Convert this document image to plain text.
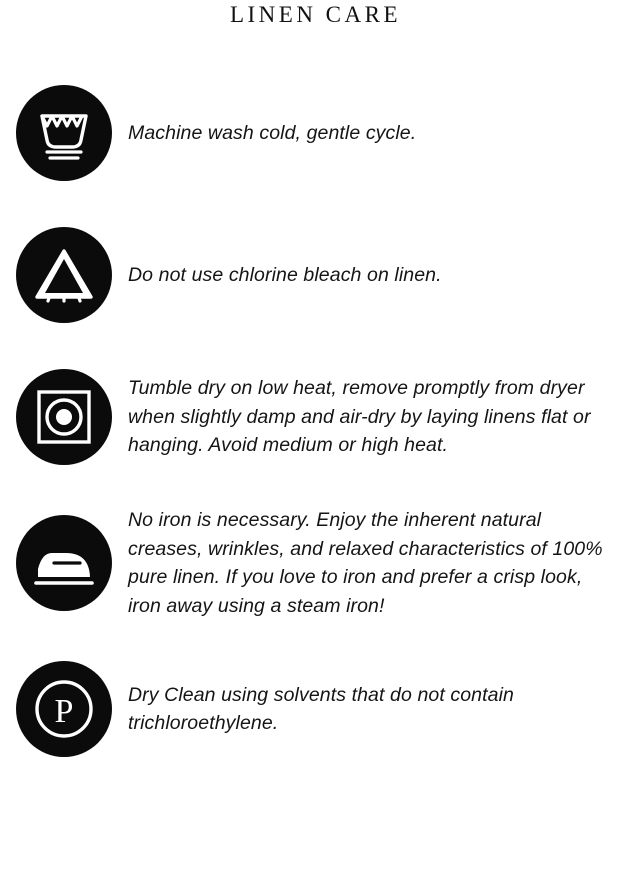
LINEN CARE
Machine wash cold, gentle cycle.
Do not use chlorine bleach on linen.
Tumble dry on low heat, remove promptly from dryer when slightly damp and air-dry by laying linens flat or hanging. Avoid medium or high heat.
No iron is necessary. Enjoy the inherent natural creases, wrinkles, and relaxed characteristics of 100% pure linen. If you love to iron and prefer a crisp look, iron away using a steam iron!
P	Dry Clean using solvents that do not contain trichloroethylene.
